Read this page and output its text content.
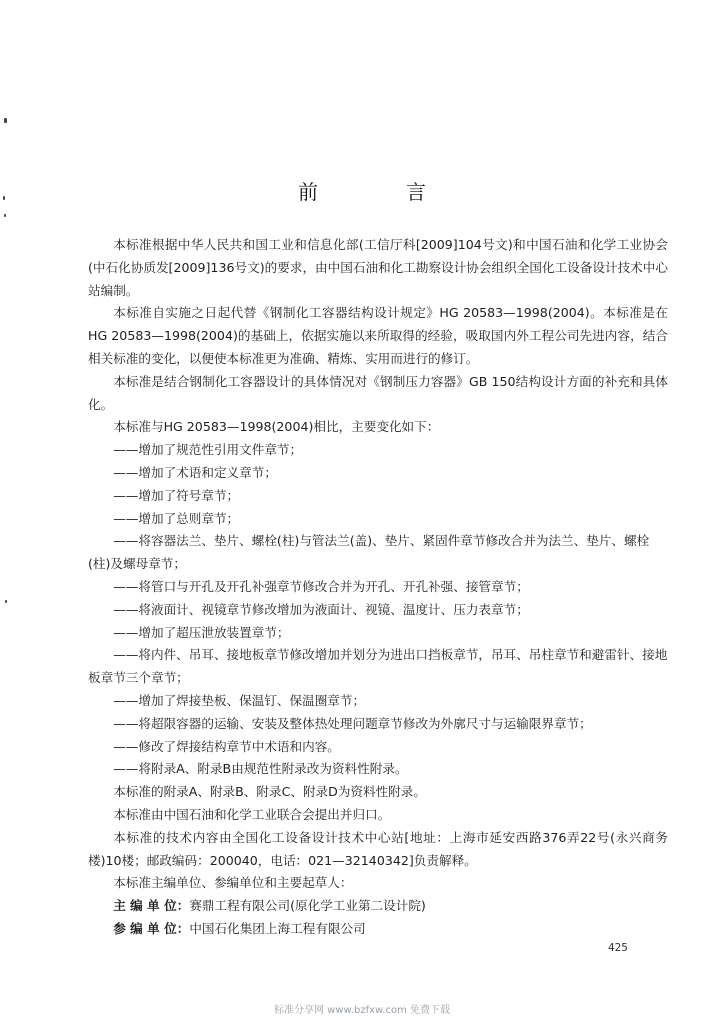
前　言

本标准根据中华人民共和国工业和信息化部(工信厅科[2009]104号文)和中国石油和化学工业协会(中石化协质发[2009]136号文)的要求，由中国石油和化工勘察设计协会组织全国化工设备设计技术中心站编制。

本标准自实施之日起代替《钢制化工容器结构设计规定》HG 20583—1998(2004)。本标准是在HG 20583—1998(2004)的基础上，依据实施以来所取得的经验，吸取国内外工程公司先进内容，结合相关标准的变化，以便使本标准更为准确、精炼、实用而进行的修订。

本标准是结合钢制化工容器设计的具体情况对《钢制压力容器》GB 150结构设计方面的补充和具体化。

本标准与HG 20583—1998(2004)相比，主要变化如下：

——增加了规范性引用文件章节；

——增加了术语和定义章节；

——增加了符号章节；

——增加了总则章节；

——将容器法兰、垫片、螺栓(柱)与管法兰(盖)、垫片、紧固件章节修改合并为法兰、垫片、螺栓(柱)及螺母章节；

——将管口与开孔及开孔补强章节修改合并为开孔、开孔补强、接管章节；

——将液面计、视镜章节修改增加为液面计、视镜、温度计、压力表章节；

——增加了超压泄放装置章节；

——将内件、吊耳、接地板章节修改增加并划分为进出口挡板章节，吊耳、吊柱章节和避雷针、接地板章节三个章节；

——增加了焊接垫板、保温钉、保温圈章节；

——将超限容器的运输、安装及整体热处理问题章节修改为外廓尺寸与运输限界章节；

——修改了焊接结构章节中术语和内容。

——将附录A、附录B由规范性附录改为资料性附录。

本标准的附录A、附录B、附录C、附录D为资料性附录。

本标准由中国石油和化学工业联合会提出并归口。

本标准的技术内容由全国化工设备设计技术中心站[地址：上海市延安西路376弄22号(永兴商务楼)10楼；邮政编码：200040，电话：021—32140342]负责解释。

本标准主编单位、参编单位和主要起草人：

主 编 单 位：赛鼎工程有限公司(原化学工业第二设计院)

参 编 单 位：中国石化集团上海工程有限公司

425
标准分享网 www.bzfxw.com 免费下载
